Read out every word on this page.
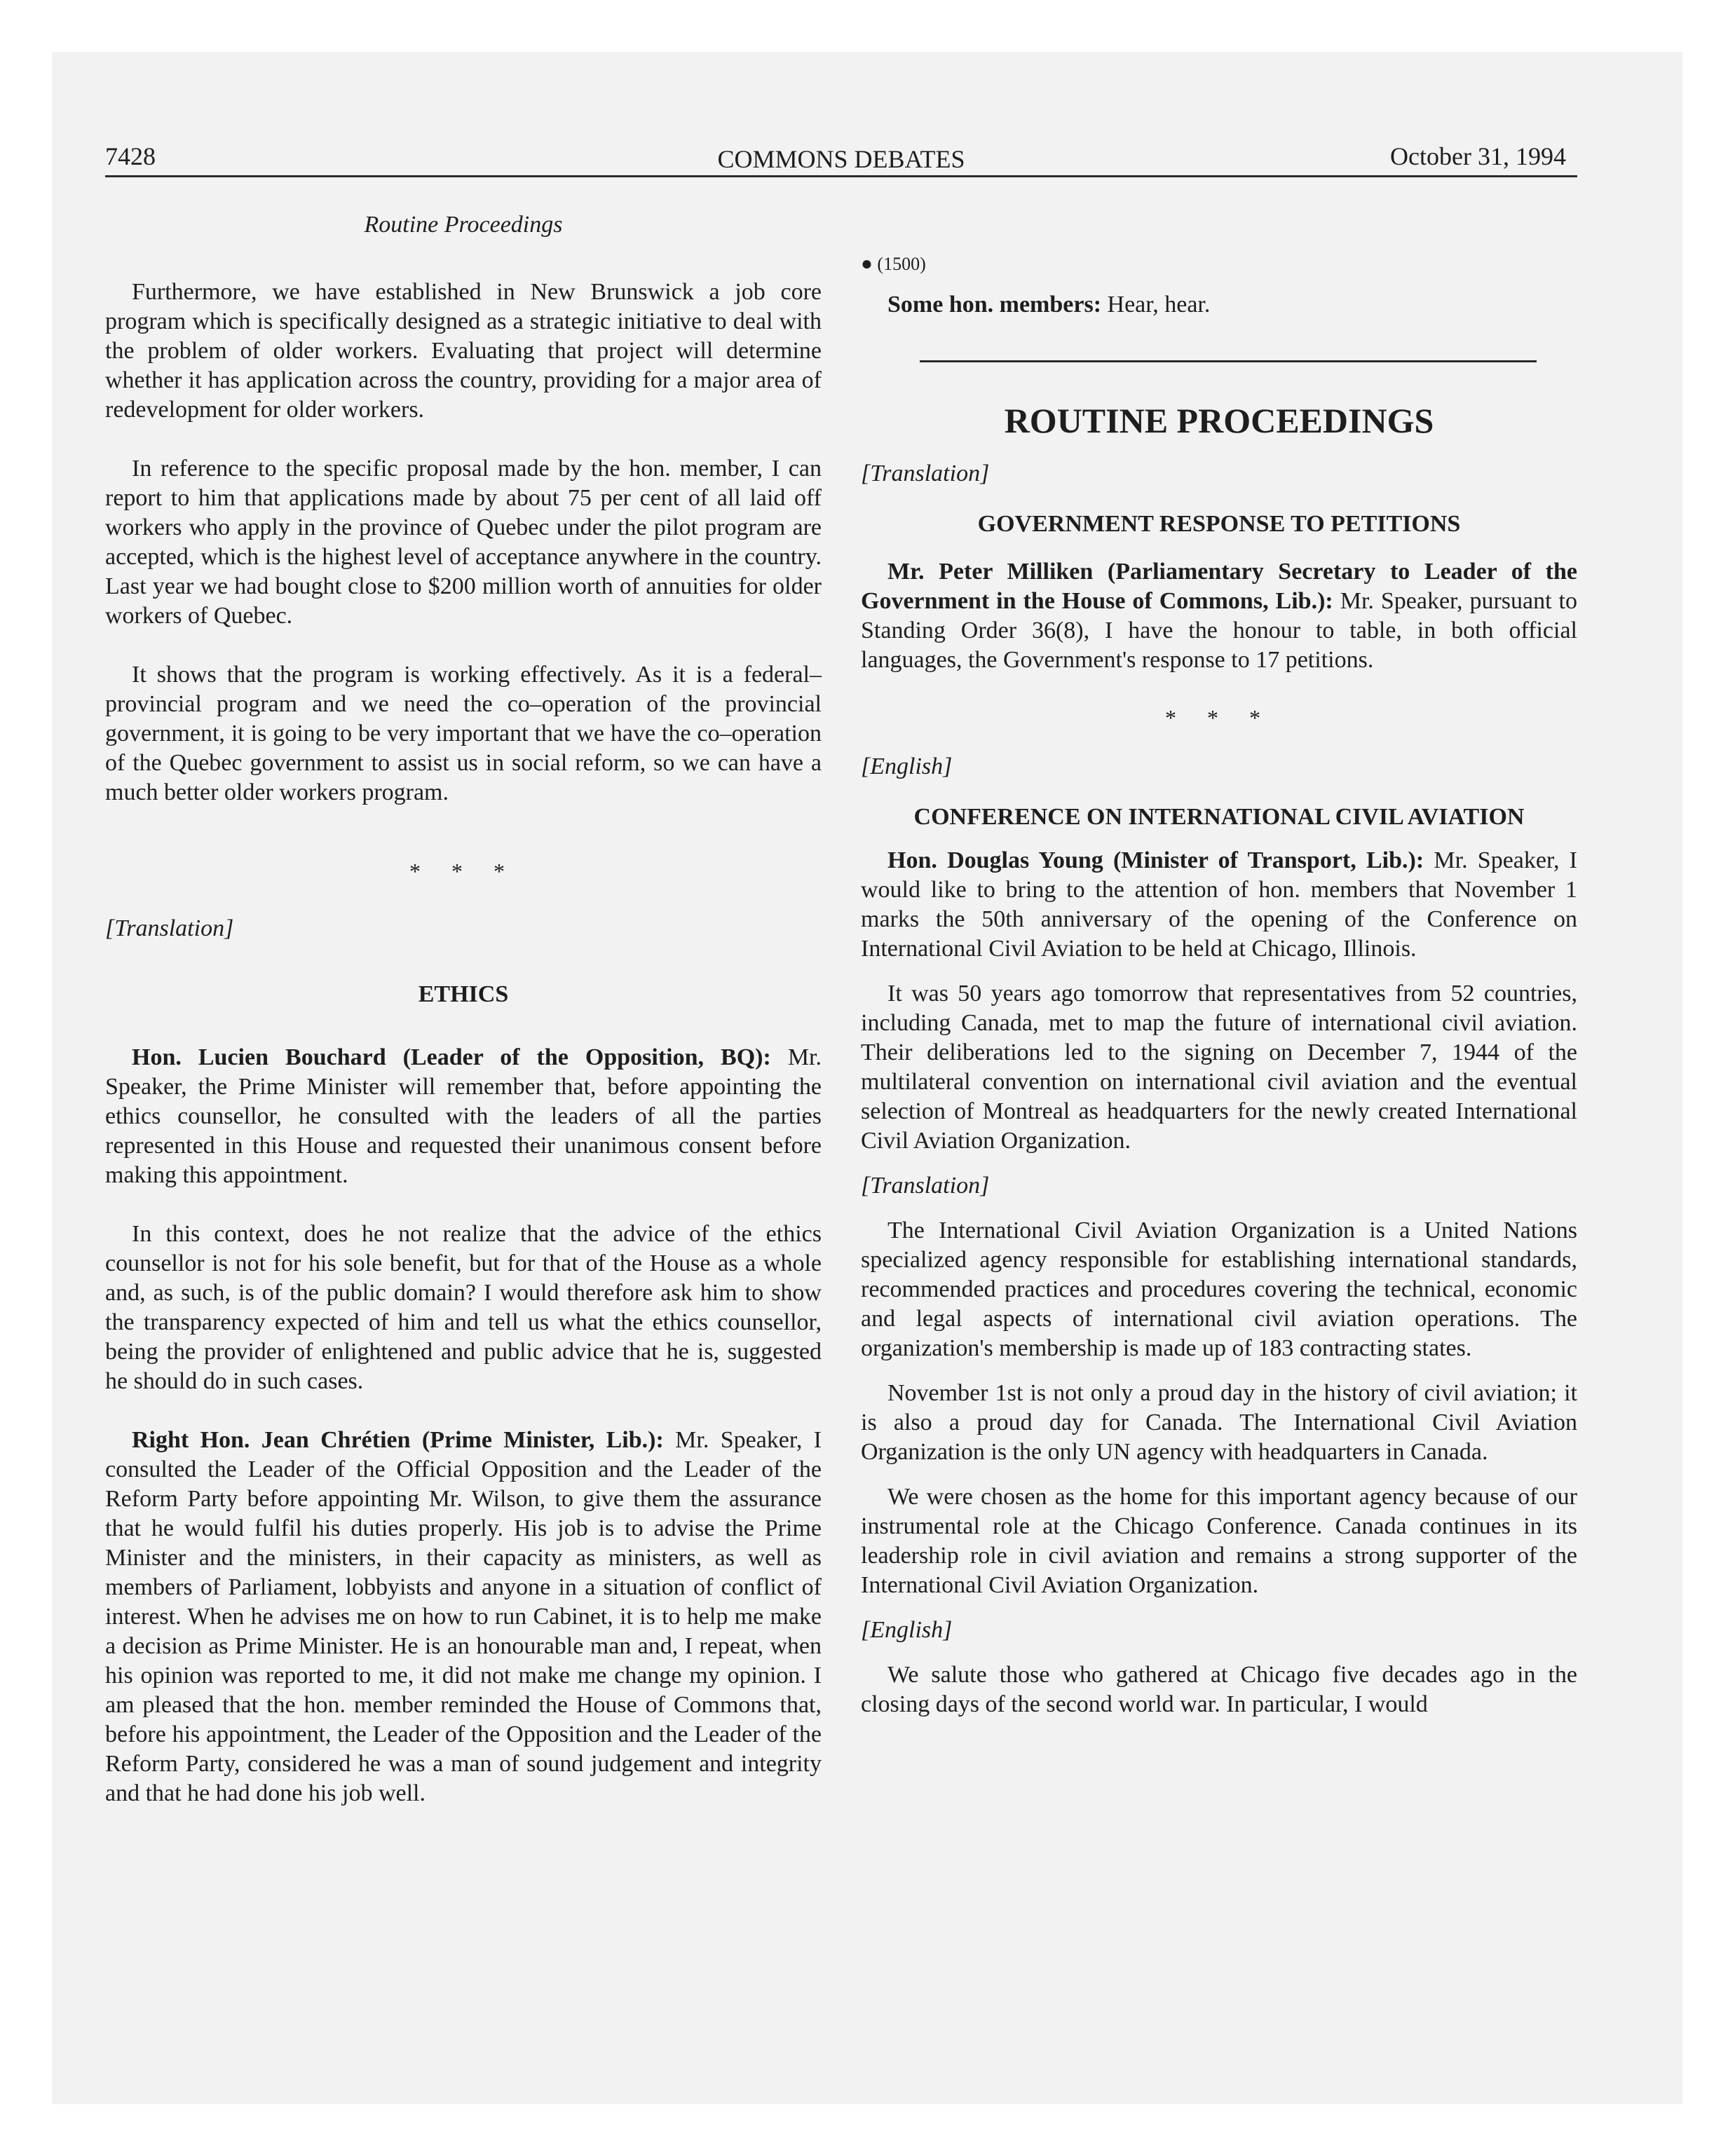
7428	COMMONS DEBATES	October 31, 1994
Routine Proceedings

Furthermore, we have established in New Brunswick a job core program which is specifically designed as a strategic initiative to deal with the problem of older workers. Evaluating that project will determine whether it has application across the country, providing for a major area of redevelopment for older workers.

In reference to the specific proposal made by the hon. member, I can report to him that applications made by about 75 per cent of all laid off workers who apply in the province of Quebec under the pilot program are accepted, which is the highest level of acceptance anywhere in the country. Last year we had bought close to $200 million worth of annuities for older workers of Quebec.

It shows that the program is working effectively. As it is a federal–provincial program and we need the co–operation of the provincial government, it is going to be very important that we have the co–operation of the Quebec government to assist us in social reform, so we can have a much better older workers program.

* * *

[Translation]

ETHICS

Hon. Lucien Bouchard (Leader of the Opposition, BQ): Mr. Speaker, the Prime Minister will remember that, before appointing the ethics counsellor, he consulted with the leaders of all the parties represented in this House and requested their unanimous consent before making this appointment.

In this context, does he not realize that the advice of the ethics counsellor is not for his sole benefit, but for that of the House as a whole and, as such, is of the public domain? I would therefore ask him to show the transparency expected of him and tell us what the ethics counsellor, being the provider of enlightened and public advice that he is, suggested he should do in such cases.

Right Hon. Jean Chrétien (Prime Minister, Lib.): Mr. Speaker, I consulted the Leader of the Official Opposition and the Leader of the Reform Party before appointing Mr. Wilson, to give them the assurance that he would fulfil his duties properly. His job is to advise the Prime Minister and the ministers, in their capacity as ministers, as well as members of Parliament, lobbyists and anyone in a situation of conflict of interest. When he advises me on how to run Cabinet, it is to help me make a decision as Prime Minister. He is an honourable man and, I repeat, when his opinion was reported to me, it did not make me change my opinion. I am pleased that the hon. member reminded the House of Commons that, before his appointment, the Leader of the Opposition and the Leader of the Reform Party, considered he was a man of sound judgement and integrity and that he had done his job well.

● (1500)

Some hon. members: Hear, hear.

ROUTINE PROCEEDINGS

[Translation]

GOVERNMENT RESPONSE TO PETITIONS

Mr. Peter Milliken (Parliamentary Secretary to Leader of the Government in the House of Commons, Lib.): Mr. Speaker, pursuant to Standing Order 36(8), I have the honour to table, in both official languages, the Government's response to 17 petitions.

* * *

[English]

CONFERENCE ON INTERNATIONAL CIVIL AVIATION

Hon. Douglas Young (Minister of Transport, Lib.): Mr. Speaker, I would like to bring to the attention of hon. members that November 1 marks the 50th anniversary of the opening of the Conference on International Civil Aviation to be held at Chicago, Illinois.

It was 50 years ago tomorrow that representatives from 52 countries, including Canada, met to map the future of international civil aviation. Their deliberations led to the signing on December 7, 1944 of the multilateral convention on international civil aviation and the eventual selection of Montreal as headquarters for the newly created International Civil Aviation Organization.

[Translation]

The International Civil Aviation Organization is a United Nations specialized agency responsible for establishing international standards, recommended practices and procedures covering the technical, economic and legal aspects of international civil aviation operations. The organization's membership is made up of 183 contracting states.

November 1st is not only a proud day in the history of civil aviation; it is also a proud day for Canada. The International Civil Aviation Organization is the only UN agency with headquarters in Canada.

We were chosen as the home for this important agency because of our instrumental role at the Chicago Conference. Canada continues in its leadership role in civil aviation and remains a strong supporter of the International Civil Aviation Organization.

[English]

We salute those who gathered at Chicago five decades ago in the closing days of the second world war. In particular, I would
